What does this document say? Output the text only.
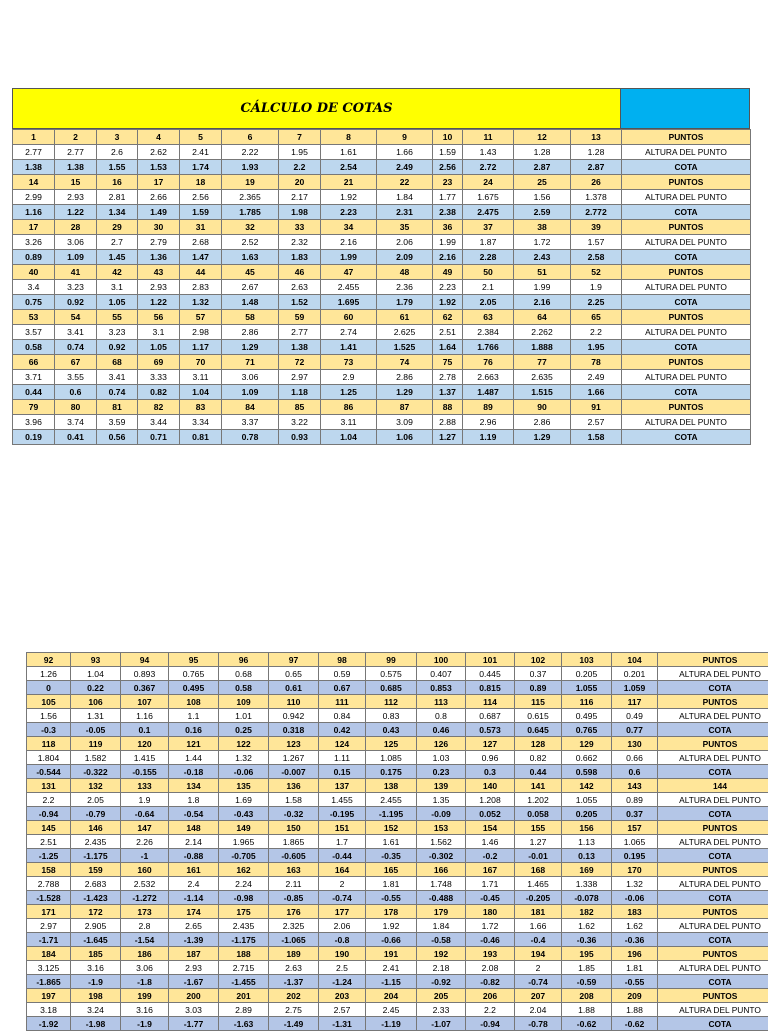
CÁLCULO DE COTAS
1	2	3	4	5	6	7	8	9	10	11	12	13	PUNTOS
2.77	2.77	2.6	2.62	2.41	2.22	1.95	1.61	1.66	1.59	1.43	1.28	1.28	ALTURA DEL PUNTO
1.38	1.38	1.55	1.53	1.74	1.93	2.2	2.54	2.49	2.56	2.72	2.87	2.87	COTA
14	15	16	17	18	19	20	21	22	23	24	25	26	PUNTOS
2.99	2.93	2.81	2.66	2.56	2.365	2.17	1.92	1.84	1.77	1.675	1.56	1.378	ALTURA DEL PUNTO
1.16	1.22	1.34	1.49	1.59	1.785	1.98	2.23	2.31	2.38	2.475	2.59	2.772	COTA
17	28	29	30	31	32	33	34	35	36	37	38	39	PUNTOS
3.26	3.06	2.7	2.79	2.68	2.52	2.32	2.16	2.06	1.99	1.87	1.72	1.57	ALTURA DEL PUNTO
0.89	1.09	1.45	1.36	1.47	1.63	1.83	1.99	2.09	2.16	2.28	2.43	2.58	COTA
40	41	42	43	44	45	46	47	48	49	50	51	52	PUNTOS
3.4	3.23	3.1	2.93	2.83	2.67	2.63	2.455	2.36	2.23	2.1	1.99	1.9	ALTURA DEL PUNTO
0.75	0.92	1.05	1.22	1.32	1.48	1.52	1.695	1.79	1.92	2.05	2.16	2.25	COTA
53	54	55	56	57	58	59	60	61	62	63	64	65	PUNTOS
3.57	3.41	3.23	3.1	2.98	2.86	2.77	2.74	2.625	2.51	2.384	2.262	2.2	ALTURA DEL PUNTO
0.58	0.74	0.92	1.05	1.17	1.29	1.38	1.41	1.525	1.64	1.766	1.888	1.95	COTA
66	67	68	69	70	71	72	73	74	75	76	77	78	PUNTOS
3.71	3.55	3.41	3.33	3.11	3.06	2.97	2.9	2.86	2.78	2.663	2.635	2.49	ALTURA DEL PUNTO
0.44	0.6	0.74	0.82	1.04	1.09	1.18	1.25	1.29	1.37	1.487	1.515	1.66	COTA
79	80	81	82	83	84	85	86	87	88	89	90	91	PUNTOS
3.96	3.74	3.59	3.44	3.34	3.37	3.22	3.11	3.09	2.88	2.96	2.86	2.57	ALTURA DEL PUNTO
0.19	0.41	0.56	0.71	0.81	0.78	0.93	1.04	1.06	1.27	1.19	1.29	1.58	COTA
92	93	94	95	96	97	98	99	100	101	102	103	104	PUNTOS
1.26	1.04	0.893	0.765	0.68	0.65	0.59	0.575	0.407	0.445	0.37	0.205	0.201	ALTURA DEL PUNTO
0	0.22	0.367	0.495	0.58	0.61	0.67	0.685	0.853	0.815	0.89	1.055	1.059	COTA
105	106	107	108	109	110	111	112	113	114	115	116	117	PUNTOS
1.56	1.31	1.16	1.1	1.01	0.942	0.84	0.83	0.8	0.687	0.615	0.495	0.49	ALTURA DEL PUNTO
-0.3	-0.05	0.1	0.16	0.25	0.318	0.42	0.43	0.46	0.573	0.645	0.765	0.77	COTA
118	119	120	121	122	123	124	125	126	127	128	129	130	PUNTOS
1.804	1.582	1.415	1.44	1.32	1.267	1.11	1.085	1.03	0.96	0.82	0.662	0.66	ALTURA DEL PUNTO
-0.544	-0.322	-0.155	-0.18	-0.06	-0.007	0.15	0.175	0.23	0.3	0.44	0.598	0.6	COTA
131	132	133	134	135	136	137	138	139	140	141	142	143	144
2.2	2.05	1.9	1.8	1.69	1.58	1.455	2.455	1.35	1.208	1.202	1.055	0.89	ALTURA DEL PUNTO
-0.94	-0.79	-0.64	-0.54	-0.43	-0.32	-0.195	-1.195	-0.09	0.052	0.058	0.205	0.37	COTA
145	146	147	148	149	150	151	152	153	154	155	156	157	PUNTOS
2.51	2.435	2.26	2.14	1.965	1.865	1.7	1.61	1.562	1.46	1.27	1.13	1.065	ALTURA DEL PUNTO
-1.25	-1.175	-1	-0.88	-0.705	-0.605	-0.44	-0.35	-0.302	-0.2	-0.01	0.13	0.195	COTA
158	159	160	161	162	163	164	165	166	167	168	169	170	PUNTOS
2.788	2.683	2.532	2.4	2.24	2.11	2	1.81	1.748	1.71	1.465	1.338	1.32	ALTURA DEL PUNTO
-1.528	-1.423	-1.272	-1.14	-0.98	-0.85	-0.74	-0.55	-0.488	-0.45	-0.205	-0.078	-0.06	COTA
171	172	173	174	175	176	177	178	179	180	181	182	183	PUNTOS
2.97	2.905	2.8	2.65	2.435	2.325	2.06	1.92	1.84	1.72	1.66	1.62	1.62	ALTURA DEL PUNTO
-1.71	-1.645	-1.54	-1.39	-1.175	-1.065	-0.8	-0.66	-0.58	-0.46	-0.4	-0.36	-0.36	COTA
184	185	186	187	188	189	190	191	192	193	194	195	196	PUNTOS
3.125	3.16	3.06	2.93	2.715	2.63	2.5	2.41	2.18	2.08	2	1.85	1.81	ALTURA DEL PUNTO
-1.865	-1.9	-1.8	-1.67	-1.455	-1.37	-1.24	-1.15	-0.92	-0.82	-0.74	-0.59	-0.55	COTA
197	198	199	200	201	202	203	204	205	206	207	208	209	PUNTOS
3.18	3.24	3.16	3.03	2.89	2.75	2.57	2.45	2.33	2.2	2.04	1.88	1.88	ALTURA DEL PUNTO
-1.92	-1.98	-1.9	-1.77	-1.63	-1.49	-1.31	-1.19	-1.07	-0.94	-0.78	-0.62	-0.62	COTA
